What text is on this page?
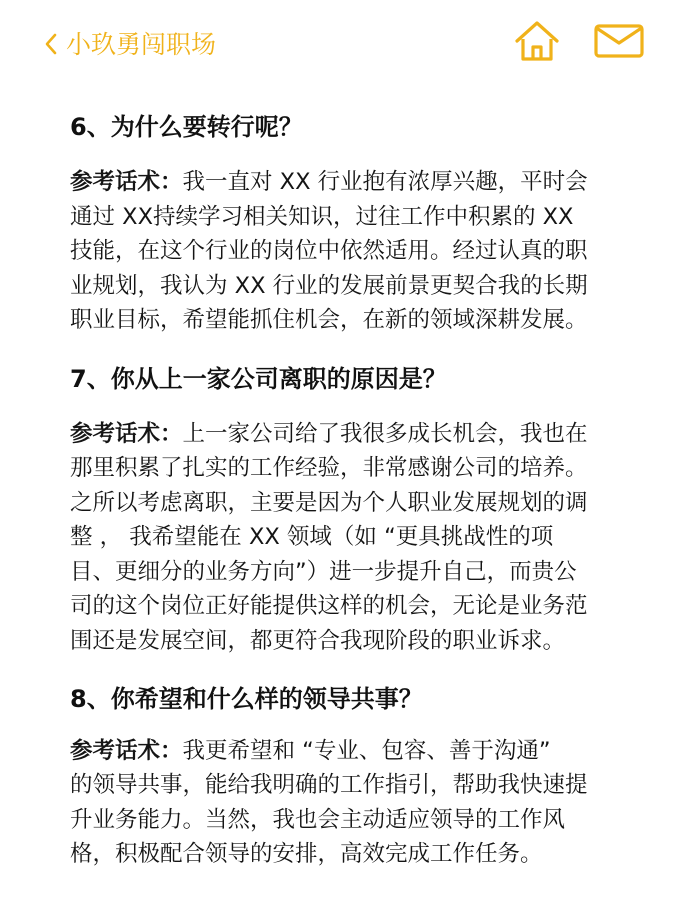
小玖勇闯职场
6、为什么要转行呢？

参考话术：我一直对 XX 行业抱有浓厚兴趣，平时会
通过 XX持续学习相关知识，过往工作中积累的 XX
技能，在这个行业的岗位中依然适用。经过认真的职
业规划，我认为 XX 行业的发展前景更契合我的长期
职业目标，希望能抓住机会，在新的领域深耕发展。

7、你从上一家公司离职的原因是？

参考话术：上一家公司给了我很多成长机会，我也在
那里积累了扎实的工作经验，非常感谢公司的培养。
之所以考虑离职，主要是因为个人职业发展规划的调
整 ， 我希望能在 XX 领域（如 “更具挑战性的项
目、更细分的业务方向”）进一步提升自己，而贵公
司的这个岗位正好能提供这样的机会，无论是业务范
围还是发展空间，都更符合我现阶段的职业诉求。

8、你希望和什么样的领导共事？

参考话术：我更希望和 “专业、包容、善于沟通”
的领导共事，能给我明确的工作指引，帮助我快速提
升业务能力。当然，我也会主动适应领导的工作风
格，积极配合领导的安排，高效完成工作任务。
